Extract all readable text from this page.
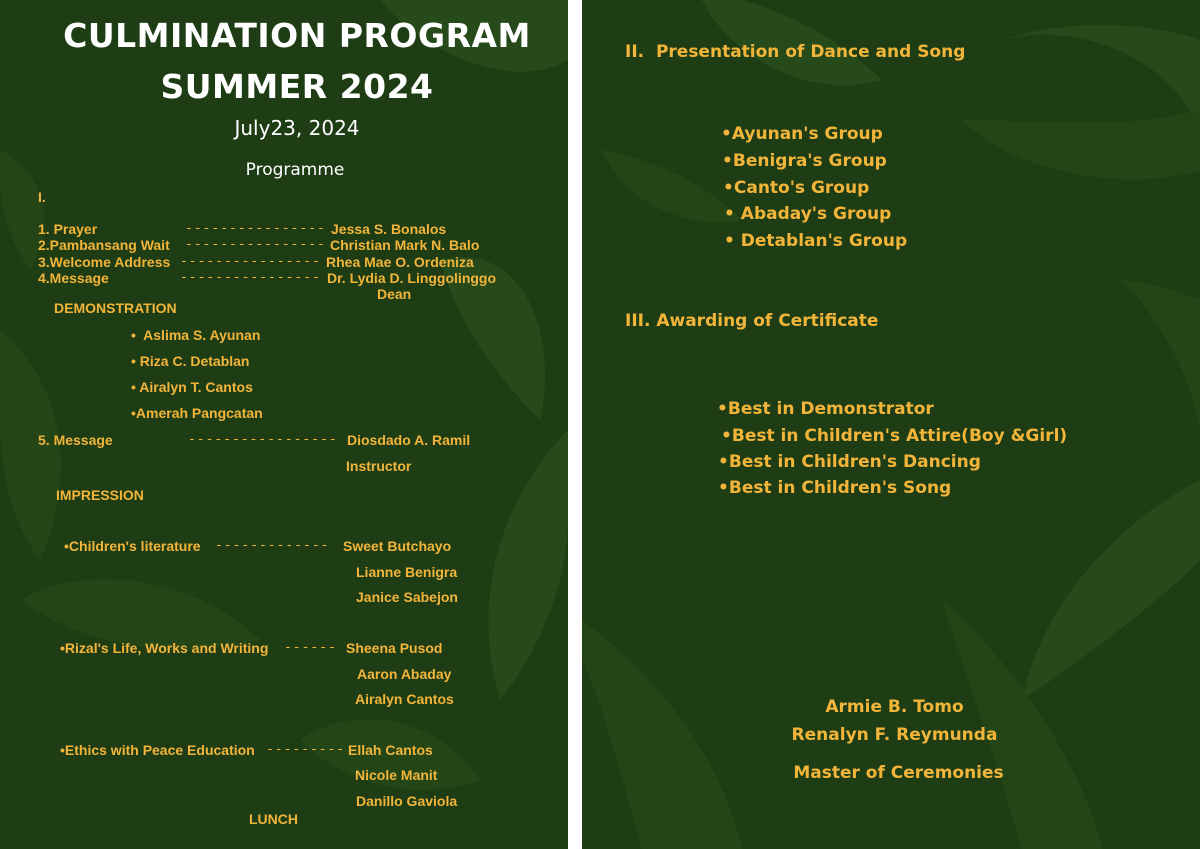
CULMINATION PROGRAM
SUMMER 2024
July23, 2024
Programme
I.
1. Prayer	---------------- Jessa S. Bonalos
2.Pambansang Wait ---------------- Christian Mark N. Balo
3.Welcome Address ---------------- Rhea Mae O. Ordeniza
4.Message	---------------- Dr. Lydia D. Linggolinggo
Dean
DEMONSTRATION
•  Aslima S. Ayunan
• Riza C. Detablan
• Airalyn T. Cantos
•Amerah Pangcatan
5. Message	----------------- Diosdado A. Ramil
Instructor
IMPRESSION
•Children's literature ------------- Sweet Butchayo
Lianne Benigra
Janice Sabejon
•Rizal's Life, Works and Writing ------ Sheena Pusod
Aaron Abaday
Airalyn Cantos
•Ethics with Peace Education --------- Ellah Cantos
Nicole Manit
Danillo Gaviola
LUNCH
II.  Presentation of Dance and Song
•Ayunan's Group
•Benigra's Group
•Canto's Group
• Abaday's Group
• Detablan's Group
III. Awarding of Certificate
•Best in Demonstrator
•Best in Children's Attire(Boy &Girl)
•Best in Children's Dancing
•Best in Children's Song
Armie B. Tomo
Renalyn F. Reymunda
Master of Ceremonies
